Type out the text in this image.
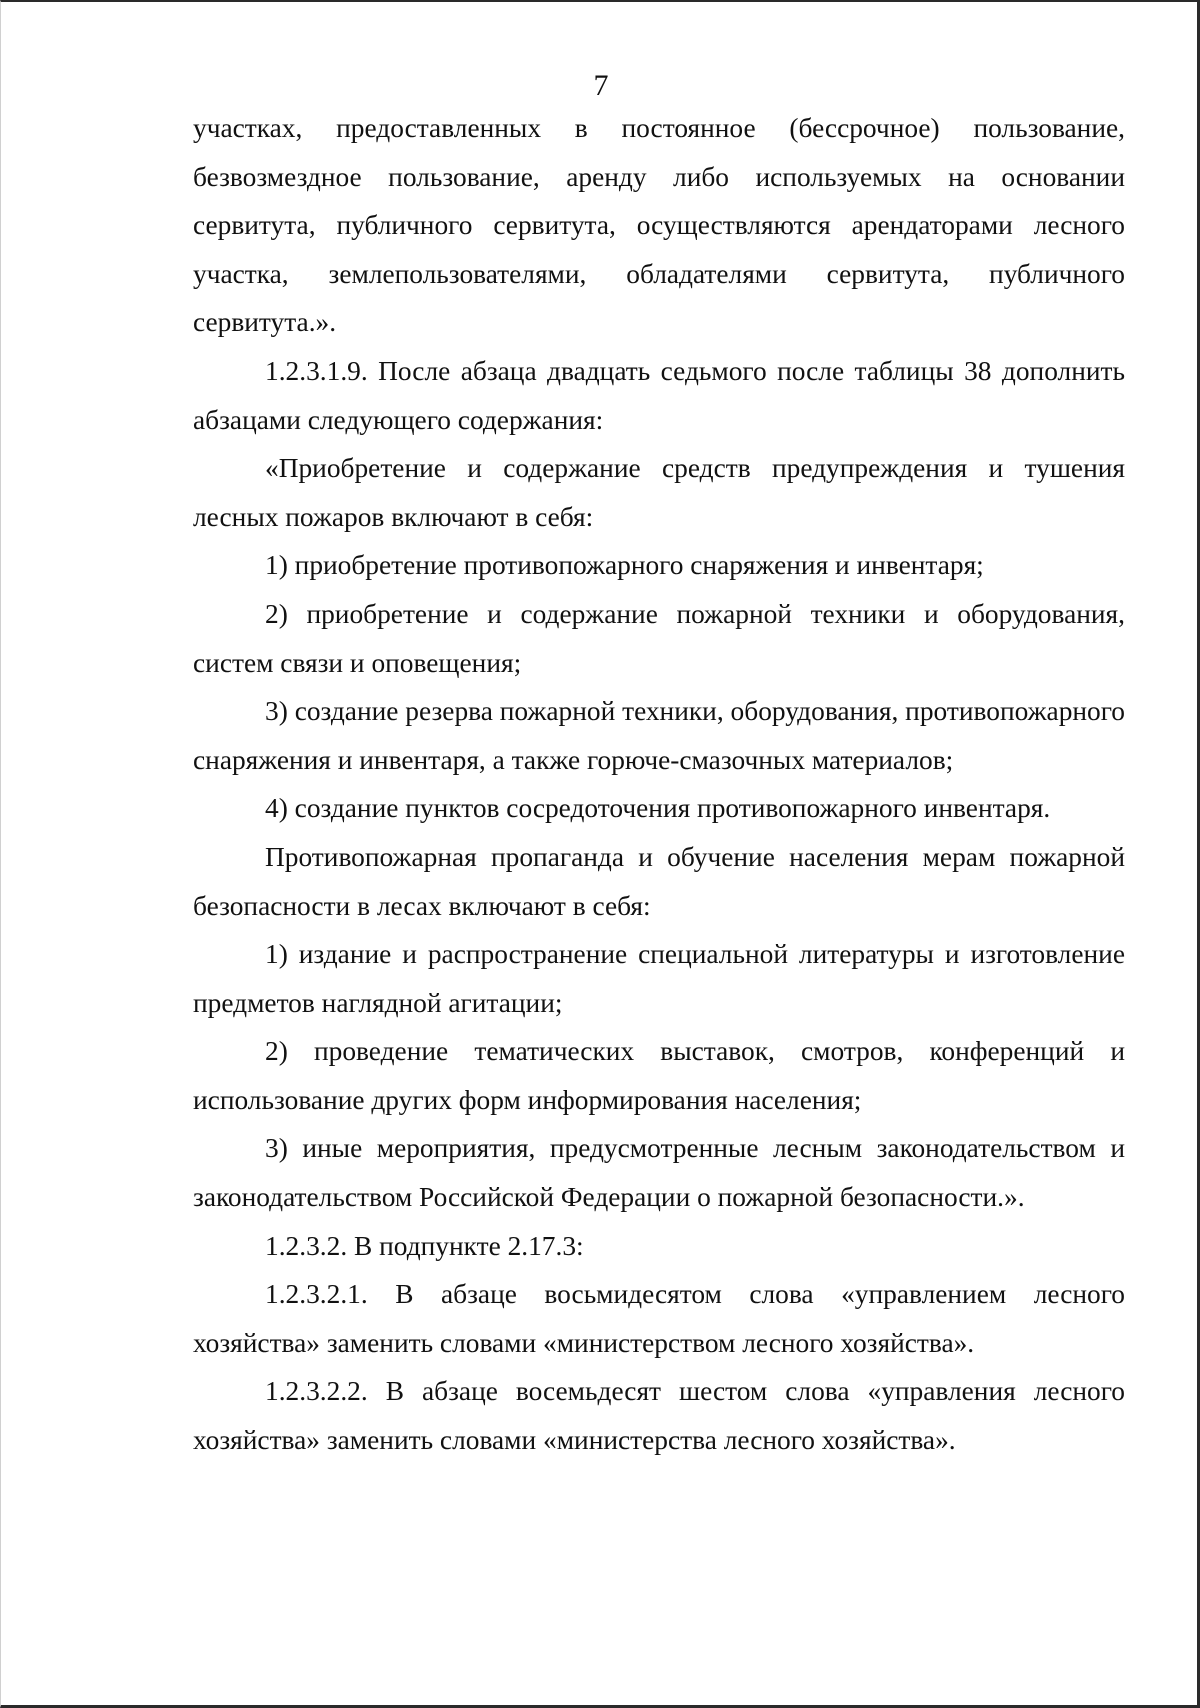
7

участках, предоставленных в постоянное (бессрочное) пользование, безвозмездное пользование, аренду либо используемых на основании сервитута, публичного сервитута, осуществляются арендаторами лесного участка, землепользователями, обладателями сервитута, публичного сервитута.».

1.2.3.1.9. После абзаца двадцать седьмого после таблицы 38 дополнить абзацами следующего содержания:

«Приобретение и содержание средств предупреждения и тушения лесных пожаров включают в себя:

1) приобретение противопожарного снаряжения и инвентаря;

2) приобретение и содержание пожарной техники и оборудования, систем связи и оповещения;

3) создание резерва пожарной техники, оборудования, противопожарного снаряжения и инвентаря, а также горюче-смазочных материалов;

4) создание пунктов сосредоточения противопожарного инвентаря.

Противопожарная пропаганда и обучение населения мерам пожарной безопасности в лесах включают в себя:

1) издание и распространение специальной литературы и изготовление предметов наглядной агитации;

2) проведение тематических выставок, смотров, конференций и использование других форм информирования населения;

3) иные мероприятия, предусмотренные лесным законодательством и законодательством Российской Федерации о пожарной безопасности.».

1.2.3.2. В подпункте 2.17.3:

1.2.3.2.1. В абзаце восьмидесятом слова «управлением лесного хозяйства» заменить словами «министерством лесного хозяйства».

1.2.3.2.2. В абзаце восемьдесят шестом слова «управления лесного хозяйства» заменить словами «министерства лесного хозяйства».
